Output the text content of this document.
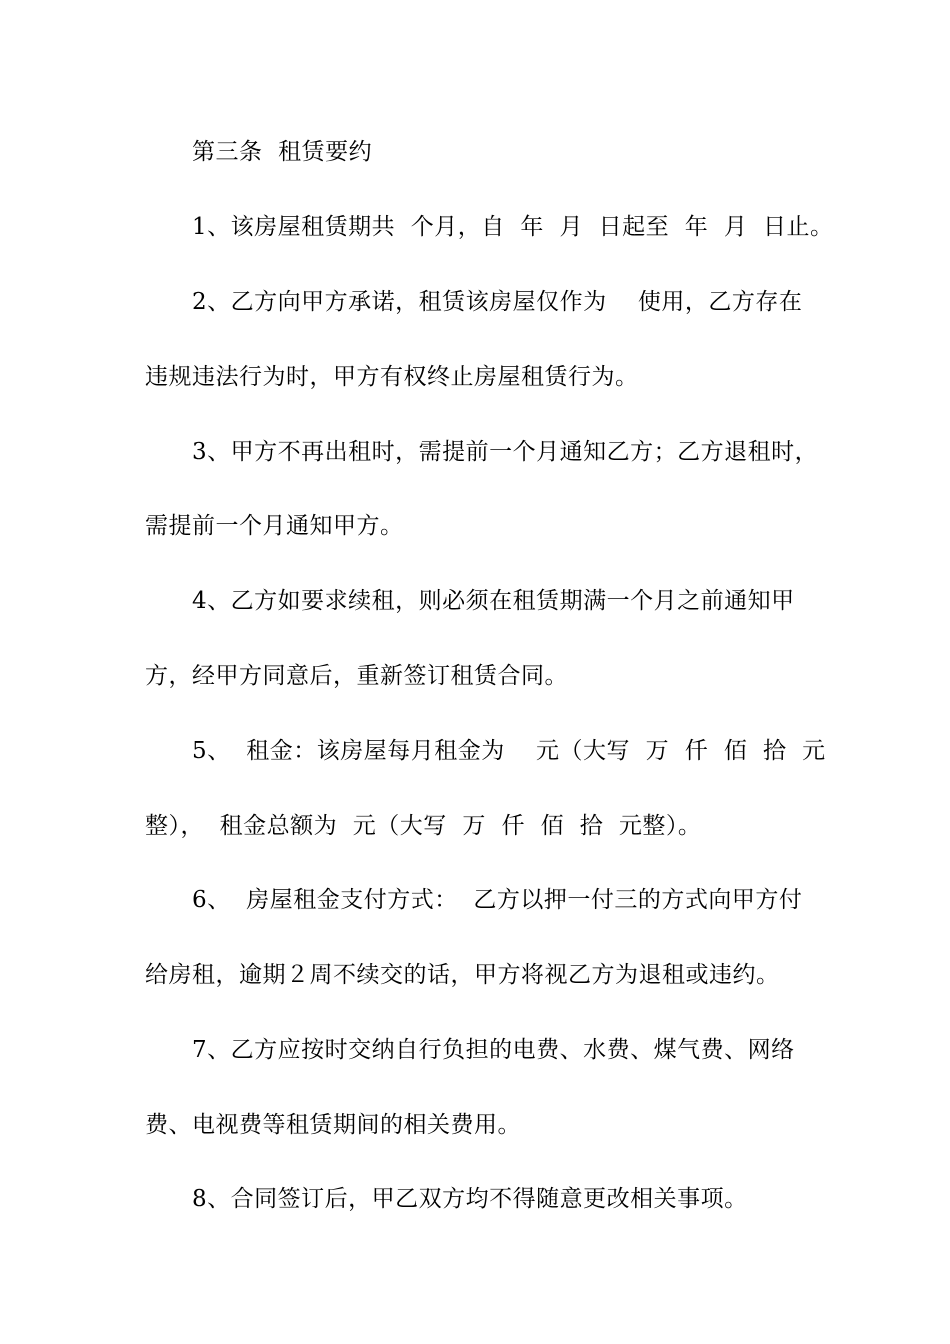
第三条  租赁要约
1、该房屋租赁期共  个月，自  年  月  日起至  年  月  日止。
2、乙方向甲方承诺，租赁该房屋仅作为    使用，乙方存在
违规违法行为时，甲方有权终止房屋租赁行为。
3、甲方不再出租时，需提前一个月通知乙方；乙方退租时，
需提前一个月通知甲方。
4、乙方如要求续租，则必须在租赁期满一个月之前通知甲
方，经甲方同意后，重新签订租赁合同。
5、  租金：该房屋每月租金为    元（大写  万  仟  佰  拾  元
整），  租金总额为  元（大写  万  仟  佰  拾  元整）。
6、  房屋租金支付方式：  乙方以押一付三的方式向甲方付
给房租，逾期２周不续交的话，甲方将视乙方为退租或违约。
7、乙方应按时交纳自行负担的电费、水费、煤气费、网络
费、电视费等租赁期间的相关费用。
8、合同签订后，甲乙双方均不得随意更改相关事项。
